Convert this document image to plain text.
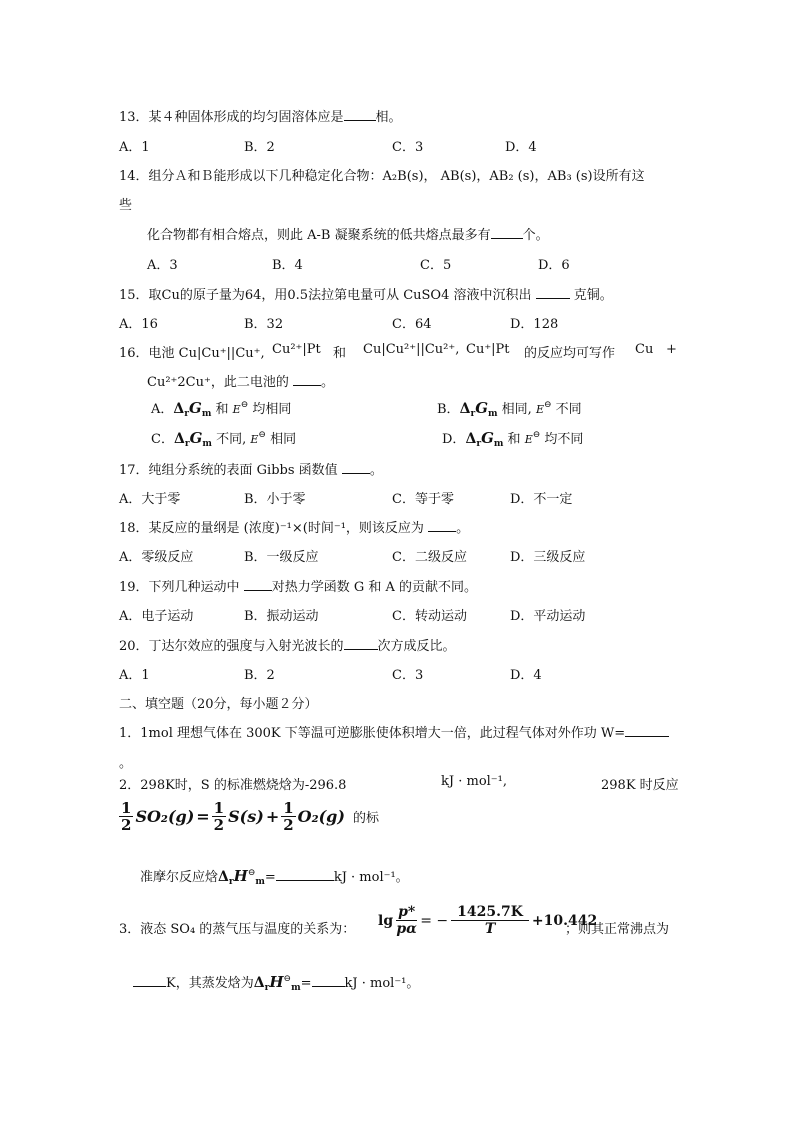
13．某４种固体形成的均匀固溶体应是 相。
A．1	B．2	C．3	D．4
14．组分Ａ和Ｂ能形成以下几种稳定化合物：A₂B(s)， AB(s)，AB₂ (s)，AB₃ (s)设所有这
些
化合物都有相合熔点，则此 A-B 凝聚系统的低共熔点最多有 个。
A．3	B．4	C．5	D．6
15．取Cu的原子量为64，用0.5法拉第电量可从 CuSO4 溶液中沉积出	克铜。
A．16	B．32	C．64	D．128
16．电池 Cu|Cu⁺||Cu⁺, Cu²⁺|Pt 和 Cu|Cu²⁺||Cu²⁺, Cu⁺|Pt 的反应均可写作 Cu +
Cu²⁺2Cu⁺，此二电池的 。
A．$\Delta_rG_m$ 和 E⊖ 均相同	B．$\Delta_rG_m$ 相同, E⊖ 不同
C．$\Delta_rG_m$ 不同, E⊖ 相同	D．$\Delta_rG_m$ 和 E⊖ 均不同
17．纯组分系统的表面 Gibbs 函数值 。
A．大于零	B．小于零	C．等于零	D．不一定
18．某反应的量纲是 (浓度)⁻¹×(时间⁻¹，则该反应为 。
A．零级反应	B．一级反应	C．二级反应	D．三级反应
19．下列几种运动中 对热力学函数 G 和 A 的贡献不同。
A．电子运动	B．振动运动	C．转动运动	D．平动运动
20．丁达尔效应的强度与入射光波长的	次方成反比。
A．1	B．2	C．3	D．4
二、填空题（20分，每小题２分）
1．1mol 理想气体在 300K 下等温可逆膨胀使体积增大一倍，此过程气体对外作功 W=
。
2．298K时，S 的标准燃烧焓为-296.8	kJ · mol⁻¹,	298K 时反应
$\frac{1}{2} SO_2(g) = \frac{1}{2} S(s) + \frac{1}{2} O_2(g)$ 的标
准摩尔反应焓$\Delta_rH^⊖_m=$	kJ · mol⁻¹。
3．液态 SO₄ 的蒸气压与温度的关系为：
$\lg \frac{p*}{p\alpha}$ = − $\frac{1425.7K}{T} +10.442$
；则其正常沸点为
K，其蒸发焓为$\Delta_rH^⊖_m=$	kJ · mol⁻¹。
